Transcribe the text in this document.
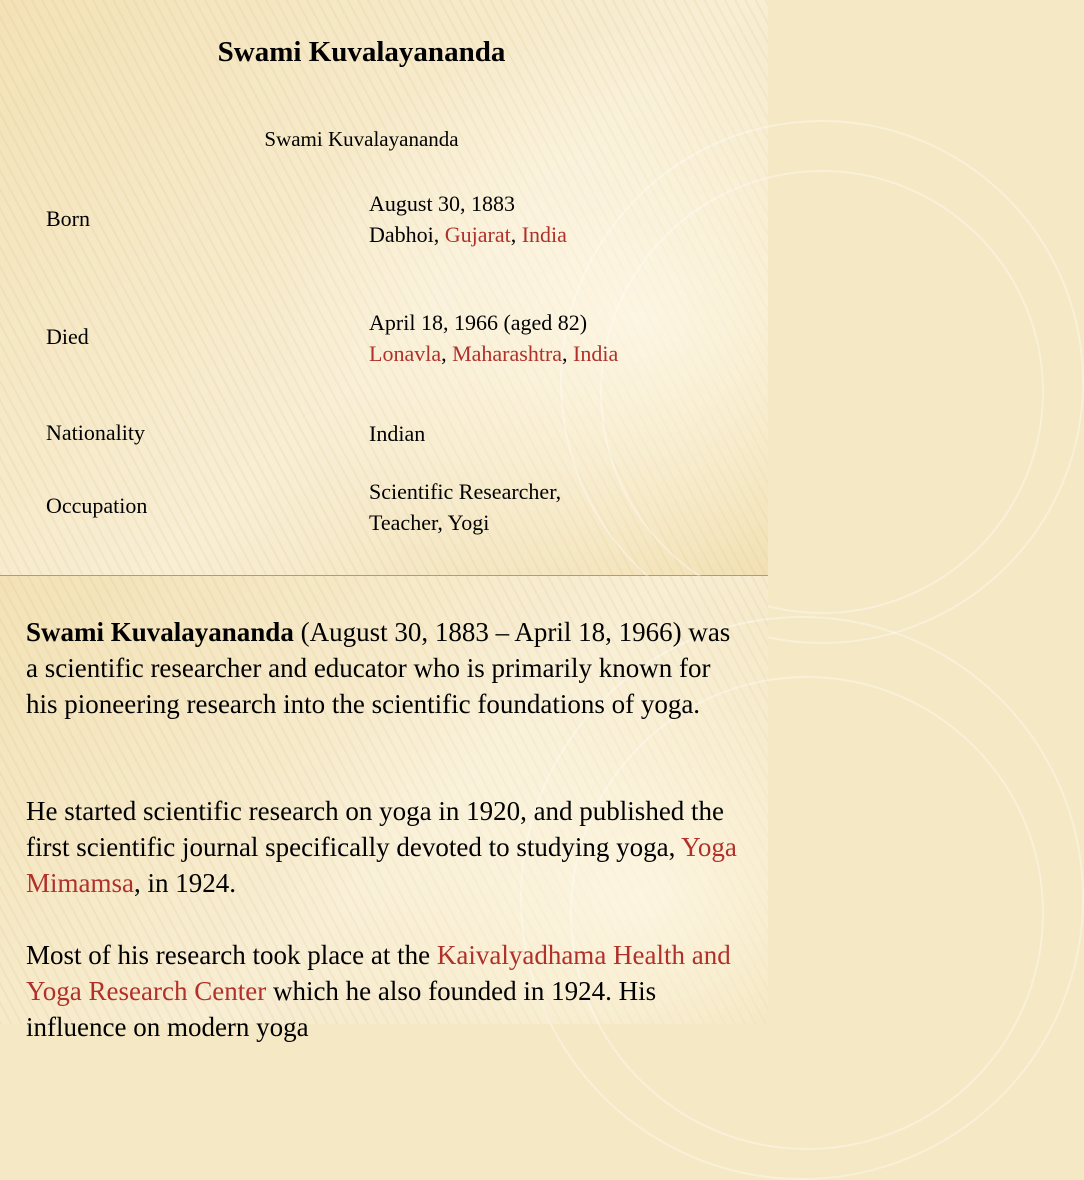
Swami Kuvalayananda
Swami Kuvalayananda
Born
August 30, 1883
Dabhoi, Gujarat, India
Died
April 18, 1966 (aged 82)
Lonavla, Maharashtra, India
Nationality	Indian
Occupation
Scientific Researcher,
Teacher, Yogi
Swami Kuvalayananda (August 30, 1883 – April 18, 1966) was a scientific researcher and educator who is primarily known for his pioneering research into the scientific foundations of yoga.
He started scientific research on yoga in 1920, and published the first scientific journal specifically devoted to studying yoga, Yoga Mimamsa, in 1924.
Most of his research took place at the Kaivalyadhama Health and Yoga Research Center which he also founded in 1924. His influence on modern yoga
